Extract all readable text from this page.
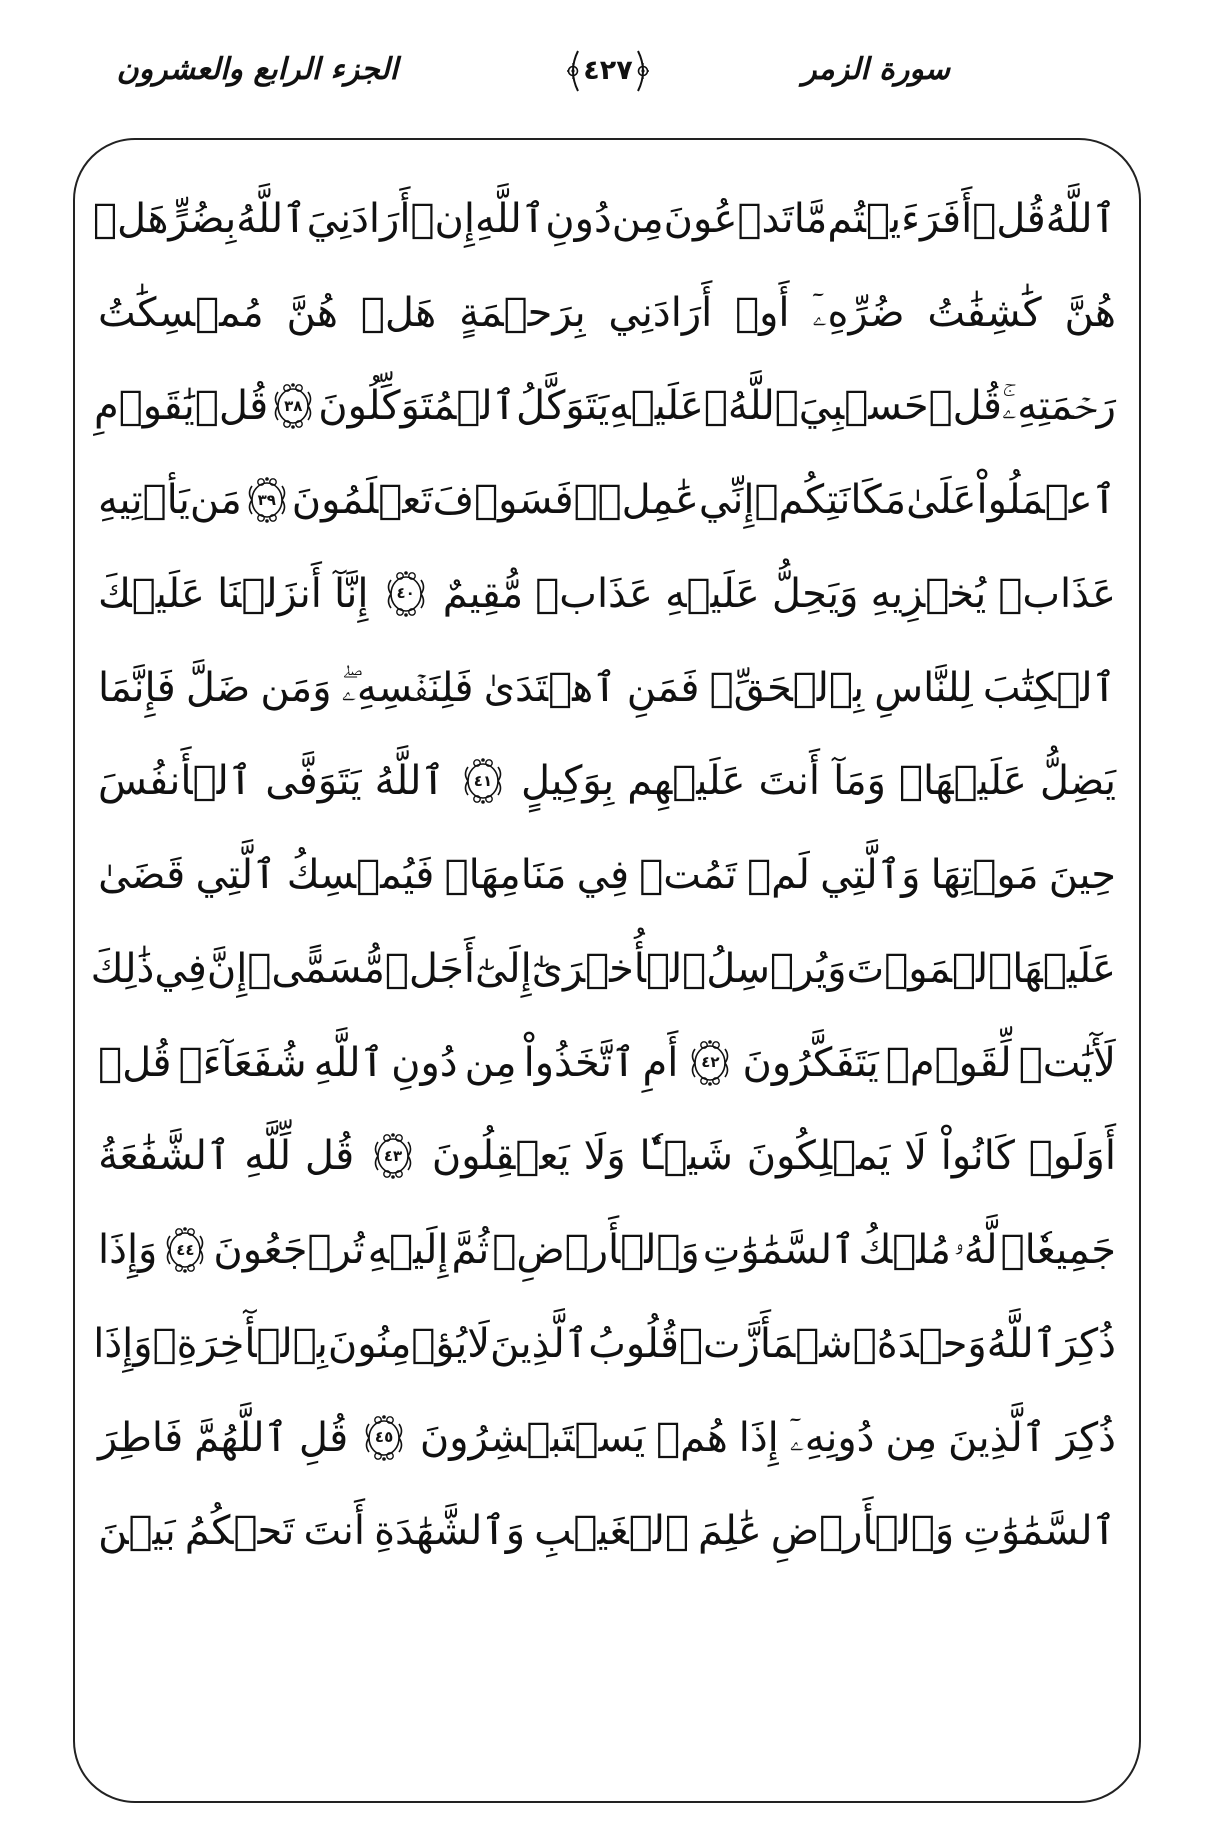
الجزء الرابع والعشرون	٤٢٧	سورة الزمر
ٱللَّهُ
قُلۡ
أَفَرَءَيۡتُم
مَّا
تَدۡعُونَ
مِن
دُونِ
ٱللَّهِ
إِنۡ
أَرَادَنِيَ
ٱللَّهُ
بِضُرٍّ
هَلۡ
هُنَّ
كَٰشِفَٰتُ
ضُرِّهِۦٓ
أَوۡ
أَرَادَنِي
بِرَحۡمَةٍ
هَلۡ
هُنَّ
مُمۡسِكَٰتُ
رَحۡمَتِهِۦۚ
قُلۡ
حَسۡبِيَ
ٱللَّهُۖ
عَلَيۡهِ
يَتَوَكَّلُ
ٱلۡمُتَوَكِّلُونَ
٣٨
قُلۡ
يَٰقَوۡمِ
ٱعۡمَلُواْ
عَلَىٰ
مَكَانَتِكُمۡ
إِنِّي
عَٰمِلٞۖ
فَسَوۡفَ
تَعۡلَمُونَ
٣٩
مَن
يَأۡتِيهِ
عَذَابٞ
يُخۡزِيهِ
وَيَحِلُّ
عَلَيۡهِ
عَذَابٞ
مُّقِيمٌ
٤٠
إِنَّآ
أَنزَلۡنَا
عَلَيۡكَ
ٱلۡكِتَٰبَ
لِلنَّاسِ
بِٱلۡحَقِّۖ
فَمَنِ
ٱهۡتَدَىٰ
فَلِنَفۡسِهِۦۖ
وَمَن
ضَلَّ
فَإِنَّمَا
يَضِلُّ
عَلَيۡهَاۖ
وَمَآ
أَنتَ
عَلَيۡهِم
بِوَكِيلٍ
٤١
ٱللَّهُ
يَتَوَفَّى
ٱلۡأَنفُسَ
حِينَ
مَوۡتِهَا
وَٱلَّتِي
لَمۡ
تَمُتۡ
فِي
مَنَامِهَاۖ
فَيُمۡسِكُ
ٱلَّتِي
قَضَىٰ
عَلَيۡهَا
ٱلۡمَوۡتَ
وَيُرۡسِلُ
ٱلۡأُخۡرَىٰٓ
إِلَىٰٓ
أَجَلٖ
مُّسَمًّىۚ
إِنَّ
فِي
ذَٰلِكَ
لَأٓيَٰتٖ
لِّقَوۡمٖ
يَتَفَكَّرُونَ
٤٢
أَمِ
ٱتَّخَذُواْ
مِن
دُونِ
ٱللَّهِ
شُفَعَآءَۚ
قُلۡ
أَوَلَوۡ
كَانُواْ
لَا
يَمۡلِكُونَ
شَيۡـٔٗا
وَلَا
يَعۡقِلُونَ
٤٣
قُل
لِّلَّهِ
ٱلشَّفَٰعَةُ
جَمِيعٗاۖ
لَّهُۥ
مُلۡكُ
ٱلسَّمَٰوَٰتِ
وَٱلۡأَرۡضِۖ
ثُمَّ
إِلَيۡهِ
تُرۡجَعُونَ
٤٤
وَإِذَا
ذُكِرَ
ٱللَّهُ
وَحۡدَهُ
ٱشۡمَأَزَّتۡ
قُلُوبُ
ٱلَّذِينَ
لَا
يُؤۡمِنُونَ
بِٱلۡأٓخِرَةِۖ
وَإِذَا
ذُكِرَ
ٱلَّذِينَ
مِن
دُونِهِۦٓ
إِذَا
هُمۡ
يَسۡتَبۡشِرُونَ
٤٥
قُلِ
ٱللَّهُمَّ
فَاطِرَ
ٱلسَّمَٰوَٰتِ
وَٱلۡأَرۡضِ
عَٰلِمَ
ٱلۡغَيۡبِ
وَٱلشَّهَٰدَةِ
أَنتَ
تَحۡكُمُ
بَيۡنَ
